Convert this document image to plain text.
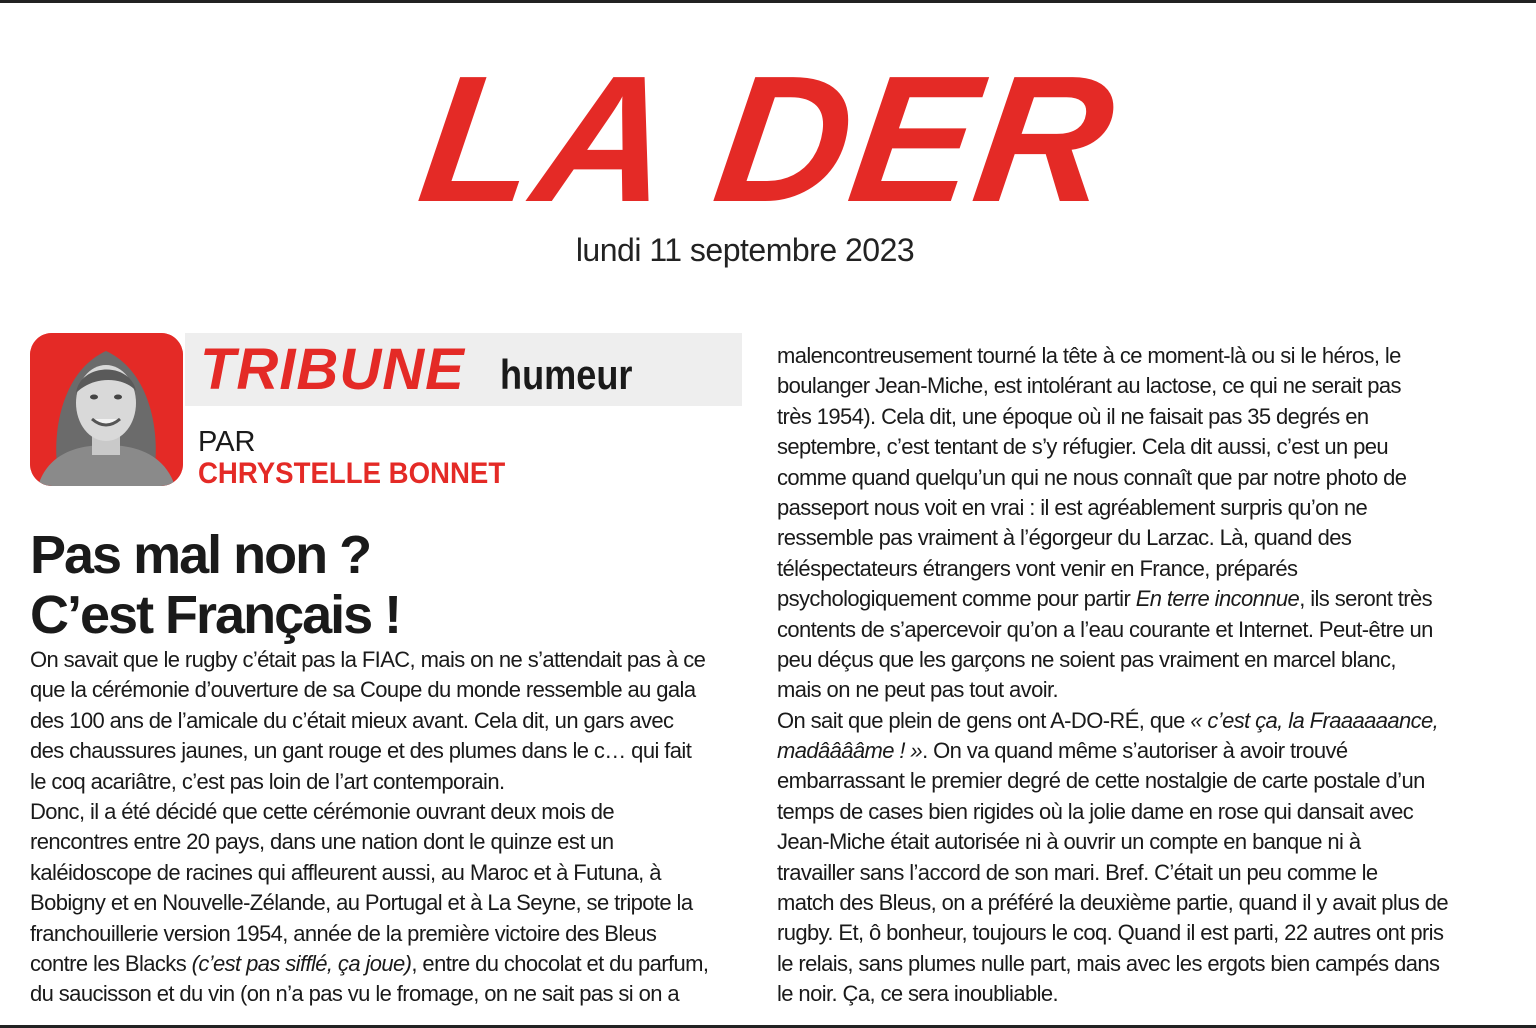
LA DER
lundi 11 septembre 2023
TRIBUNE humeur
PAR
CHRYSTELLE BONNET
Pas mal non ?
C’est Français !
On savait que le rugby c’était pas la FIAC, mais on ne s’attendait pas à ce
que la cérémonie d’ouverture de sa Coupe du monde ressemble au gala
des 100 ans de l’amicale du c’était mieux avant. Cela dit, un gars avec
des chaussures jaunes, un gant rouge et des plumes dans le c… qui fait
le coq acariâtre, c’est pas loin de l’art contemporain.
Donc, il a été décidé que cette cérémonie ouvrant deux mois de
rencontres entre 20 pays, dans une nation dont le quinze est un
kaléidoscope de racines qui affleurent aussi, au Maroc et à Futuna, à
Bobigny et en Nouvelle-Zélande, au Portugal et à La Seyne, se tripote la
franchouillerie version 1954, année de la première victoire des Bleus
contre les Blacks (c’est pas sifflé, ça joue), entre du chocolat et du parfum,
du saucisson et du vin (on n’a pas vu le fromage, on ne sait pas si on a
malencontreusement tourné la tête à ce moment-là ou si le héros, le
boulanger Jean-Miche, est intolérant au lactose, ce qui ne serait pas
très 1954). Cela dit, une époque où il ne faisait pas 35 degrés en
septembre, c’est tentant de s’y réfugier. Cela dit aussi, c’est un peu
comme quand quelqu’un qui ne nous connaît que par notre photo de
passeport nous voit en vrai : il est agréablement surpris qu’on ne
ressemble pas vraiment à l’égorgeur du Larzac. Là, quand des
téléspectateurs étrangers vont venir en France, préparés
psychologiquement comme pour partir En terre inconnue, ils seront très
contents de s’apercevoir qu’on a l’eau courante et Internet. Peut-être un
peu déçus que les garçons ne soient pas vraiment en marcel blanc,
mais on ne peut pas tout avoir.
On sait que plein de gens ont A-DO-RÉ, que « c’est ça, la Fraaaaaance,
madââââme ! ». On va quand même s’autoriser à avoir trouvé
embarrassant le premier degré de cette nostalgie de carte postale d’un
temps de cases bien rigides où la jolie dame en rose qui dansait avec
Jean-Miche était autorisée ni à ouvrir un compte en banque ni à
travailler sans l’accord de son mari. Bref. C’était un peu comme le
match des Bleus, on a préféré la deuxième partie, quand il y avait plus de
rugby. Et, ô bonheur, toujours le coq. Quand il est parti, 22 autres ont pris
le relais, sans plumes nulle part, mais avec les ergots bien campés dans
le noir. Ça, ce sera inoubliable.
